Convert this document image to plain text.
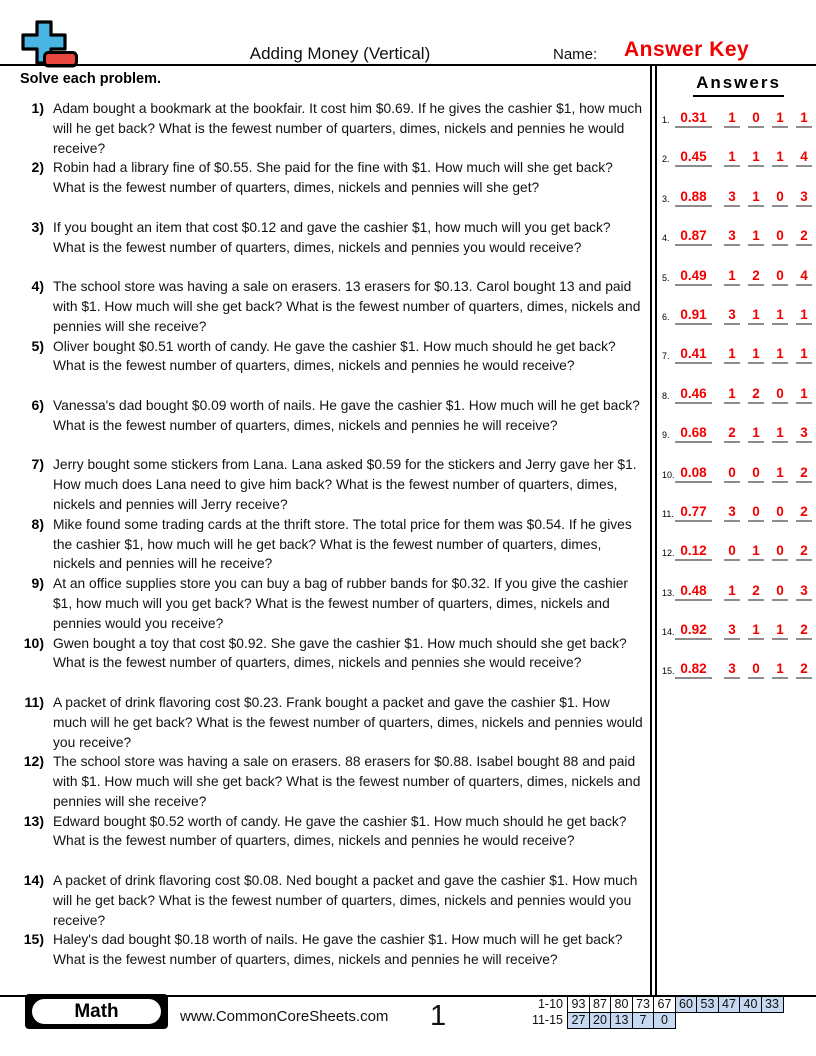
Adding Money (Vertical)	Name: Answer Key
Solve each problem.
1) Adam bought a bookmark at the bookfair. It cost him $0.69. If he gives the cashier $1, how much will he get back? What is the fewest number of quarters, dimes, nickels and pennies he would receive?
2) Robin had a library fine of $0.55. She paid for the fine with $1. How much will she get back? What is the fewest number of quarters, dimes, nickels and pennies will she get?
3) If you bought an item that cost $0.12 and gave the cashier $1, how much will you get back? What is the fewest number of quarters, dimes, nickels and pennies you would receive?
4) The school store was having a sale on erasers. 13 erasers for $0.13. Carol bought 13 and paid with $1. How much will she get back? What is the fewest number of quarters, dimes, nickels and pennies will she receive?
5) Oliver bought $0.51 worth of candy. He gave the cashier $1. How much should he get back? What is the fewest number of quarters, dimes, nickels and pennies he would receive?
6) Vanessa's dad bought $0.09 worth of nails. He gave the cashier $1. How much will he get back? What is the fewest number of quarters, dimes, nickels and pennies he will receive?
7) Jerry bought some stickers from Lana. Lana asked $0.59 for the stickers and Jerry gave her $1. How much does Lana need to give him back? What is the fewest number of quarters, dimes, nickels and pennies will Jerry receive?
8) Mike found some trading cards at the thrift store. The total price for them was $0.54. If he gives the cashier $1, how much will he get back? What is the fewest number of quarters, dimes, nickels and pennies will he receive?
9) At an office supplies store you can buy a bag of rubber bands for $0.32. If you give the cashier $1, how much will you get back? What is the fewest number of quarters, dimes, nickels and pennies would you receive?
10) Gwen bought a toy that cost $0.92. She gave the cashier $1. How much should she get back? What is the fewest number of quarters, dimes, nickels and pennies she would receive?
11) A packet of drink flavoring cost $0.23. Frank bought a packet and gave the cashier $1. How much will he get back? What is the fewest number of quarters, dimes, nickels and pennies would you receive?
12) The school store was having a sale on erasers. 88 erasers for $0.88. Isabel bought 88 and paid with $1. How much will she get back? What is the fewest number of quarters, dimes, nickels and pennies will she receive?
13) Edward bought $0.52 worth of candy. He gave the cashier $1. How much should he get back? What is the fewest number of quarters, dimes, nickels and pennies he would receive?
14) A packet of drink flavoring cost $0.08. Ned bought a packet and gave the cashier $1. How much will he get back? What is the fewest number of quarters, dimes, nickels and pennies would you receive?
15) Haley's dad bought $0.18 worth of nails. He gave the cashier $1. How much will he get back? What is the fewest number of quarters, dimes, nickels and pennies he will receive?
Answers
1. 0.31	1	0	1	1
2. 0.45	1	1	1	4
3. 0.88	3	1	0	3
4. 0.87	3	1	0	2
5. 0.49	1	2	0	4
6. 0.91	3	1	1	1
7. 0.41	1	1	1	1
8. 0.46	1	2	0	1
9. 0.68	2	1	1	3
10. 0.08	0	0	1	2
11. 0.77	3	0	0	2
12. 0.12	0	1	0	2
13. 0.48	1	2	0	3
14. 0.92	3	1	1	2
15. 0.82	3	0	1	2
Math	www.CommonCoreSheets.com 1	1-10 93 87 80 73 67 60 53 47 40 33
11-15 27 20 13 7	0
